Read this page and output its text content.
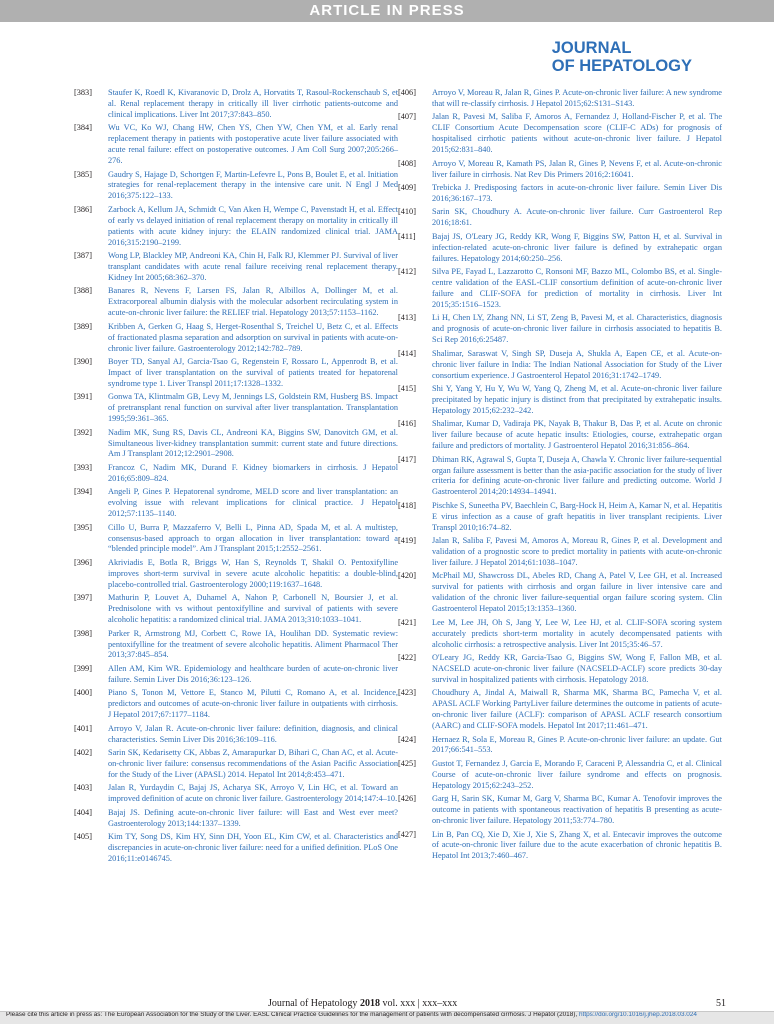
ARTICLE IN PRESS
JOURNAL
OF HEPATOLOGY
[383] Staufer K, Roedl K, Kivaranovic D, Drolz A, Horvatits T, Rasoul-Rockenschaub S, et al. Renal replacement therapy in critically ill liver cirrhotic patients-outcome and clinical implications. Liver Int 2017;37:843–850.
[384] Wu VC, Ko WJ, Chang HW, Chen YS, Chen YW, Chen YM, et al. Early renal replacement therapy in patients with postoperative acute liver failure associated with acute renal failure: effect on postoperative outcomes. J Am Coll Surg 2007;205:266–276.
[385] Gaudry S, Hajage D, Schortgen F, Martin-Lefevre L, Pons B, Boulet E, et al. Initiation strategies for renal-replacement therapy in the intensive care unit. N Engl J Med 2016;375:122–133.
[386] Zarbock A, Kellum JA, Schmidt C, Van Aken H, Wempe C, Pavenstadt H, et al. Effect of early vs delayed initiation of renal replacement therapy on mortality in critically ill patients with acute kidney injury: the ELAIN randomized clinical trial. JAMA 2016;315:2190–2199.
[387] Wong LP, Blackley MP, Andreoni KA, Chin H, Falk RJ, Klemmer PJ. Survival of liver transplant candidates with acute renal failure receiving renal replacement therapy. Kidney Int 2005;68:362–370.
[388] Banares R, Nevens F, Larsen FS, Jalan R, Albillos A, Dollinger M, et al. Extracorporeal albumin dialysis with the molecular adsorbent recirculating system in acute-on-chronic liver failure: the RELIEF trial. Hepatology 2013;57:1153–1162.
[389] Kribben A, Gerken G, Haag S, Herget-Rosenthal S, Treichel U, Betz C, et al. Effects of fractionated plasma separation and adsorption on survival in patients with acute-on-chronic liver failure. Gastroenterology 2012;142:782–789.
[390] Boyer TD, Sanyal AJ, Garcia-Tsao G, Regenstein F, Rossaro L, Appenrodt B, et al. Impact of liver transplantation on the survival of patients treated for hepatorenal syndrome type 1. Liver Transpl 2011;17:1328–1332.
[391] Gonwa TA, Klintmalm GB, Levy M, Jennings LS, Goldstein RM, Husberg BS. Impact of pretransplant renal function on survival after liver transplantation. Transplantation 1995;59:361–365.
[392] Nadim MK, Sung RS, Davis CL, Andreoni KA, Biggins SW, Danovitch GM, et al. Simultaneous liver-kidney transplantation summit: current state and future directions. Am J Transplant 2012;12:2901–2908.
[393] Francoz C, Nadim MK, Durand F. Kidney biomarkers in cirrhosis. J Hepatol 2016;65:809–824.
[394] Angeli P, Gines P. Hepatorenal syndrome, MELD score and liver transplantation: an evolving issue with relevant implications for clinical practice. J Hepatol 2012;57:1135–1140.
[395] Cillo U, Burra P, Mazzaferro V, Belli L, Pinna AD, Spada M, et al. A multistep, consensus-based approach to organ allocation in liver transplantation: toward a “blended principle model”. Am J Transplant 2015;1:2552–2561.
[396] Akriviadis E, Botla R, Briggs W, Han S, Reynolds T, Shakil O. Pentoxifylline improves short-term survival in severe acute alcoholic hepatitis: a double-blind, placebo-controlled trial. Gastroenterology 2000;119:1637–1648.
[397] Mathurin P, Louvet A, Duhamel A, Nahon P, Carbonell N, Boursier J, et al. Prednisolone with vs without pentoxifylline and survival of patients with severe alcoholic hepatitis: a randomized clinical trial. JAMA 2013;310:1033–1041.
[398] Parker R, Armstrong MJ, Corbett C, Rowe IA, Houlihan DD. Systematic review: pentoxifylline for the treatment of severe alcoholic hepatitis. Aliment Pharmacol Ther 2013;37:845–854.
[399] Allen AM, Kim WR. Epidemiology and healthcare burden of acute-on-chronic liver failure. Semin Liver Dis 2016;36:123–126.
[400] Piano S, Tonon M, Vettore E, Stanco M, Pilutti C, Romano A, et al. Incidence, predictors and outcomes of acute-on-chronic liver failure in outpatients with cirrhosis. J Hepatol 2017;67:1177–1184.
[401] Arroyo V, Jalan R. Acute-on-chronic liver failure: definition, diagnosis, and clinical characteristics. Semin Liver Dis 2016;36:109–116.
[402] Sarin SK, Kedarisetty CK, Abbas Z, Amarapurkar D, Bihari C, Chan AC, et al. Acute-on-chronic liver failure: consensus recommendations of the Asian Pacific Association for the Study of the Liver (APASL) 2014. Hepatol Int 2014;8:453–471.
[403] Jalan R, Yurdaydin C, Bajaj JS, Acharya SK, Arroyo V, Lin HC, et al. Toward an improved definition of acute on chronic liver failure. Gastroenterology 2014;147:4–10.
[404] Bajaj JS. Defining acute-on-chronic liver failure: will East and West ever meet? Gastroenterology 2013;144:1337–1339.
[405] Kim TY, Song DS, Kim HY, Sinn DH, Yoon EL, Kim CW, et al. Characteristics and discrepancies in acute-on-chronic liver failure: need for a unified definition. PLoS One 2016;11:e0146745.
[406] Arroyo V, Moreau R, Jalan R, Gines P. Acute-on-chronic liver failure: A new syndrome that will re-classify cirrhosis. J Hepatol 2015;62:S131–S143.
[407] Jalan R, Pavesi M, Saliba F, Amoros A, Fernandez J, Holland-Fischer P, et al. The CLIF Consortium Acute Decompensation score (CLIF-C ADs) for prognosis of hospitalised cirrhotic patients without acute-on-chronic liver failure. J Hepatol 2015;62:831–840.
[408] Arroyo V, Moreau R, Kamath PS, Jalan R, Gines P, Nevens F, et al. Acute-on-chronic liver failure in cirrhosis. Nat Rev Dis Primers 2016;2:16041.
[409] Trebicka J. Predisposing factors in acute-on-chronic liver failure. Semin Liver Dis 2016;36:167–173.
[410] Sarin SK, Choudhury A. Acute-on-chronic liver failure. Curr Gastroenterol Rep 2016;18:61.
[411] Bajaj JS, O'Leary JG, Reddy KR, Wong F, Biggins SW, Patton H, et al. Survival in infection-related acute-on-chronic liver failure is defined by extrahepatic organ failures. Hepatology 2014;60:250–256.
[412] Silva PE, Fayad L, Lazzarotto C, Ronsoni MF, Bazzo ML, Colombo BS, et al. Single-centre validation of the EASL-CLIF consortium definition of acute-on-chronic liver failure and CLIF-SOFA for prediction of mortality in cirrhosis. Liver Int 2015;35:1516–1523.
[413] Li H, Chen LY, Zhang NN, Li ST, Zeng B, Pavesi M, et al. Characteristics, diagnosis and prognosis of acute-on-chronic liver failure in cirrhosis associated to hepatitis B. Sci Rep 2016;6:25487.
[414] Shalimar, Saraswat V, Singh SP, Duseja A, Shukla A, Eapen CE, et al. Acute-on-chronic liver failure in India: The Indian National Association for Study of the Liver consortium experience. J Gastroenterol Hepatol 2016;31:1742–1749.
[415] Shi Y, Yang Y, Hu Y, Wu W, Yang Q, Zheng M, et al. Acute-on-chronic liver failure precipitated by hepatic injury is distinct from that precipitated by extrahepatic insults. Hepatology 2015;62:232–242.
[416] Shalimar, Kumar D, Vadiraja PK, Nayak B, Thakur B, Das P, et al. Acute on chronic liver failure because of acute hepatic insults: Etiologies, course, extrahepatic organ failure and predictors of mortality. J Gastroenterol Hepatol 2016;31:856–864.
[417] Dhiman RK, Agrawal S, Gupta T, Duseja A, Chawla Y. Chronic liver failure-sequential organ failure assessment is better than the asia-pacific association for the study of liver criteria for defining acute-on-chronic liver failure and predicting outcome. World J Gastroenterol 2014;20:14934–14941.
[418] Pischke S, Suneetha PV, Baechlein C, Barg-Hock H, Heim A, Kamar N, et al. Hepatitis E virus infection as a cause of graft hepatitis in liver transplant recipients. Liver Transpl 2010;16:74–82.
[419] Jalan R, Saliba F, Pavesi M, Amoros A, Moreau R, Gines P, et al. Development and validation of a prognostic score to predict mortality in patients with acute-on-chronic liver failure. J Hepatol 2014;61:1038–1047.
[420] McPhail MJ, Shawcross DL, Abeles RD, Chang A, Patel V, Lee GH, et al. Increased survival for patients with cirrhosis and organ failure in liver intensive care and validation of the chronic liver failure-sequential organ failure scoring system. Clin Gastroenterol Hepatol 2015;13:1353–1360.
[421] Lee M, Lee JH, Oh S, Jang Y, Lee W, Lee HJ, et al. CLIF-SOFA scoring system accurately predicts short-term mortality in acutely decompensated patients with alcoholic cirrhosis: a retrospective analysis. Liver Int 2015;35:46–57.
[422] O'Leary JG, Reddy KR, Garcia-Tsao G, Biggins SW, Wong F, Fallon MB, et al. NACSELD acute-on-chronic liver failure (NACSELD-ACLF) score predicts 30-day survival in hospitalized patients with cirrhosis. Hepatology 2018.
[423] Choudhury A, Jindal A, Maiwall R, Sharma MK, Sharma BC, Pamecha V, et al. APASL ACLF Working PartyLiver failure determines the outcome in patients of acute-on-chronic liver failure (ACLF): comparison of APASL ACLF research consortium (AARC) and CLIF-SOFA models. Hepatol Int 2017;11:461–471.
[424] Hernaez R, Sola E, Moreau R, Gines P. Acute-on-chronic liver failure: an update. Gut 2017;66:541–553.
[425] Gustot T, Fernandez J, Garcia E, Morando F, Caraceni P, Alessandria C, et al. Clinical Course of acute-on-chronic liver failure syndrome and effects on prognosis. Hepatology 2015;62:243–252.
[426] Garg H, Sarin SK, Kumar M, Garg V, Sharma BC, Kumar A. Tenofovir improves the outcome in patients with spontaneous reactivation of hepatitis B presenting as acute-on-chronic liver failure. Hepatology 2011;53:774–780.
[427] Lin B, Pan CQ, Xie D, Xie J, Xie S, Zhang X, et al. Entecavir improves the outcome of acute-on-chronic liver failure due to the acute exacerbation of chronic hepatitis B. Hepatol Int 2013;7:460–467.
Journal of Hepatology 2018 vol. xxx | xxx–xxx	51
Please cite this article in press as: The European Association for the Study of the Liver. EASL Clinical Practice Guidelines for the management of patients with decompensated cirrhosis. J Hepatol (2018), https://doi.org/10.1016/j.jhep.2018.03.024
